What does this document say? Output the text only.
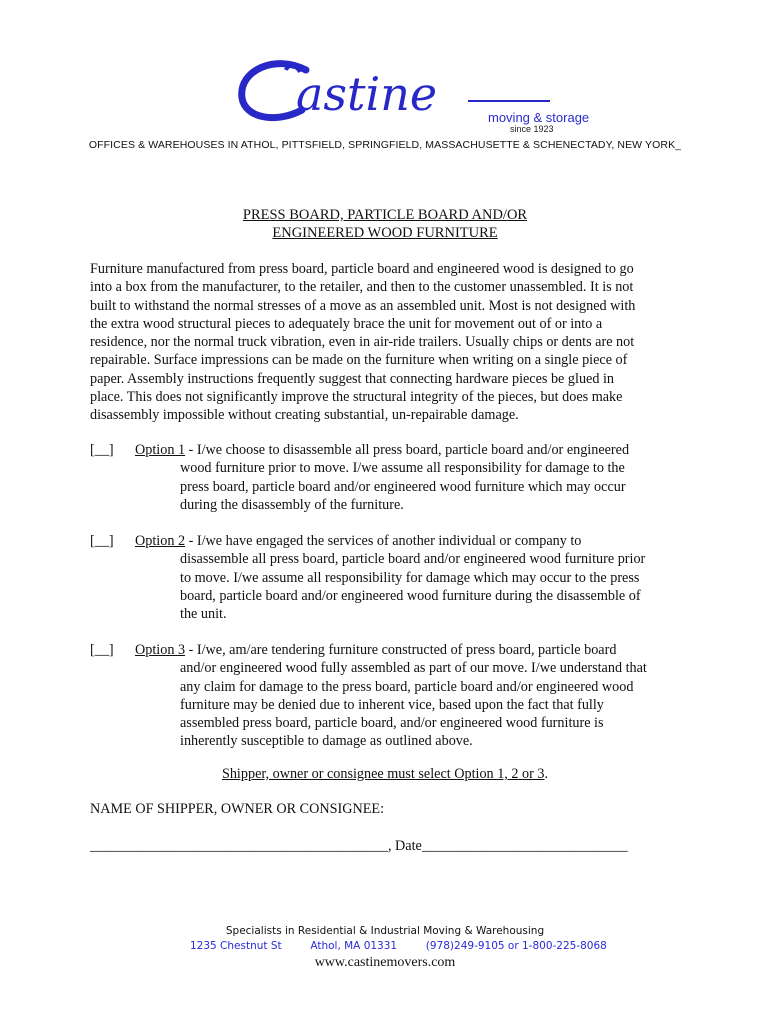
astine	moving & storage
since 1923
OFFICES & WAREHOUSES IN ATHOL, PITTSFIELD, SPRINGFIELD, MASSACHUSETTE & SCHENECTADY, NEW YORK_
PRESS BOARD, PARTICLE BOARD AND/OR
ENGINEERED WOOD FURNITURE
Furniture manufactured from press board, particle board and engineered wood is designed to go
into a box from the manufacturer, to the retailer, and then to the customer unassembled. It is not
built to withstand the normal stresses of a move as an assembled unit. Most is not designed with
the extra wood structural pieces to adequately brace the unit for movement out of or into a
residence, nor the normal truck vibration, even in air-ride trailers. Usually chips or dents are not
repairable. Surface impressions can be made on the furniture when writing on a single piece of
paper. Assembly instructions frequently suggest that connecting hardware pieces be glued in
place. This does not significantly improve the structural integrity of the pieces, but does make
disassembly impossible without creating substantial, un-repairable damage.
[__] Option 1 - I/we choose to disassemble all press board, particle board and/or engineered
wood furniture prior to move. I/we assume all responsibility for damage to the
press board, particle board and/or engineered wood furniture which may occur
during the disassembly of the furniture.
[__] Option 2 - I/we have engaged the services of another individual or company to
disassemble all press board, particle board and/or engineered wood furniture prior
to move. I/we assume all responsibility for damage which may occur to the press
board, particle board and/or engineered wood furniture during the disassemble of
the unit.
[__] Option 3 - I/we, am/are tendering furniture constructed of press board, particle board
and/or engineered wood fully assembled as part of our move. I/we understand that
any claim for damage to the press board, particle board and/or engineered wood
furniture may be denied due to inherent vice, based upon the fact that fully
assembled press board, particle board, and/or engineered wood furniture is
inherently susceptible to damage as outlined above.
Shipper, owner or consignee must select Option 1, 2 or 3.
NAME OF SHIPPER, OWNER OR CONSIGNEE:
__________________________________________, Date_____________________________
Specialists in Residential & Industrial Moving & Warehousing
1235 Chestnut St	Athol, MA 01331	(978)249-9105 or 1-800-225-8068
www.castinemovers.com
